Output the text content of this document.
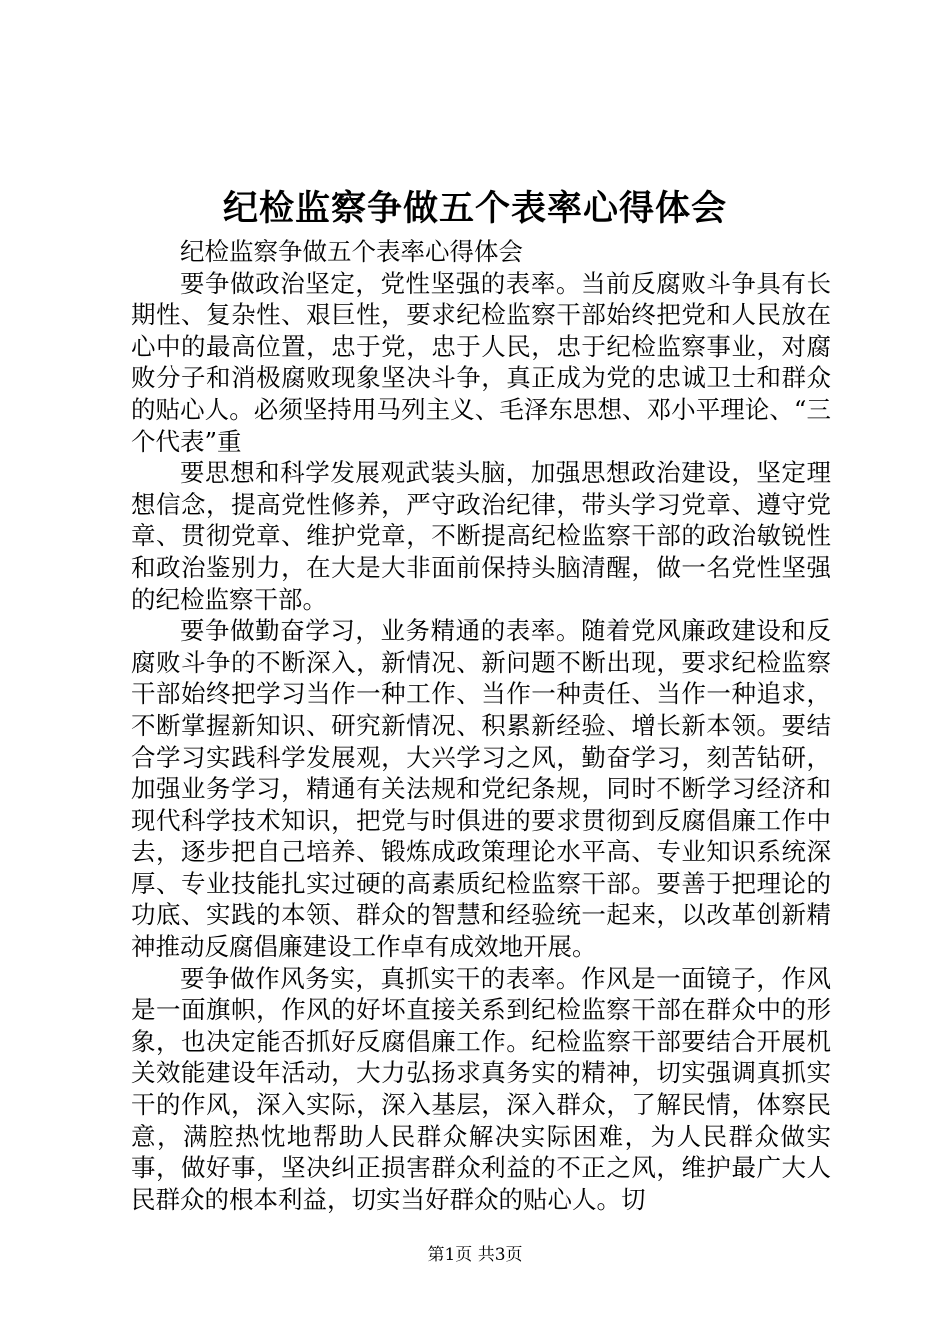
纪检监察争做五个表率心得体会

纪检监察争做五个表率心得体会

要争做政治坚定，党性坚强的表率。当前反腐败斗争具有长期性、复杂性、艰巨性，要求纪检监察干部始终把党和人民放在心中的最高位置，忠于党，忠于人民，忠于纪检监察事业，对腐败分子和消极腐败现象坚决斗争，真正成为党的忠诚卫士和群众的贴心人。必须坚持用马列主义、毛泽东思想、邓小平理论、“三个代表”重

要思想和科学发展观武装头脑，加强思想政治建设，坚定理想信念，提高党性修养，严守政治纪律，带头学习党章、遵守党章、贯彻党章、维护党章，不断提高纪检监察干部的政治敏锐性和政治鉴别力，在大是大非面前保持头脑清醒，做一名党性坚强的纪检监察干部。

要争做勤奋学习，业务精通的表率。随着党风廉政建设和反腐败斗争的不断深入，新情况、新问题不断出现，要求纪检监察干部始终把学习当作一种工作、当作一种责任、当作一种追求，不断掌握新知识、研究新情况、积累新经验、增长新本领。要结合学习实践科学发展观，大兴学习之风，勤奋学习，刻苦钻研，加强业务学习，精通有关法规和党纪条规，同时不断学习经济和现代科学技术知识，把党与时俱进的要求贯彻到反腐倡廉工作中去，逐步把自己培养、锻炼成政策理论水平高、专业知识系统深厚、专业技能扎实过硬的高素质纪检监察干部。要善于把理论的功底、实践的本领、群众的智慧和经验统一起来，以改革创新精神推动反腐倡廉建设工作卓有成效地开展。

要争做作风务实，真抓实干的表率。作风是一面镜子，作风是一面旗帜，作风的好坏直接关系到纪检监察干部在群众中的形象，也决定能否抓好反腐倡廉工作。纪检监察干部要结合开展机关效能建设年活动，大力弘扬求真务实的精神，切实强调真抓实干的作风，深入实际，深入基层，深入群众，了解民情，体察民意，满腔热忱地帮助人民群众解决实际困难，为人民群众做实事，做好事，坚决纠正损害群众利益的不正之风，维护最广大人民群众的根本利益，切实当好群众的贴心人。切

第1页 共3页
